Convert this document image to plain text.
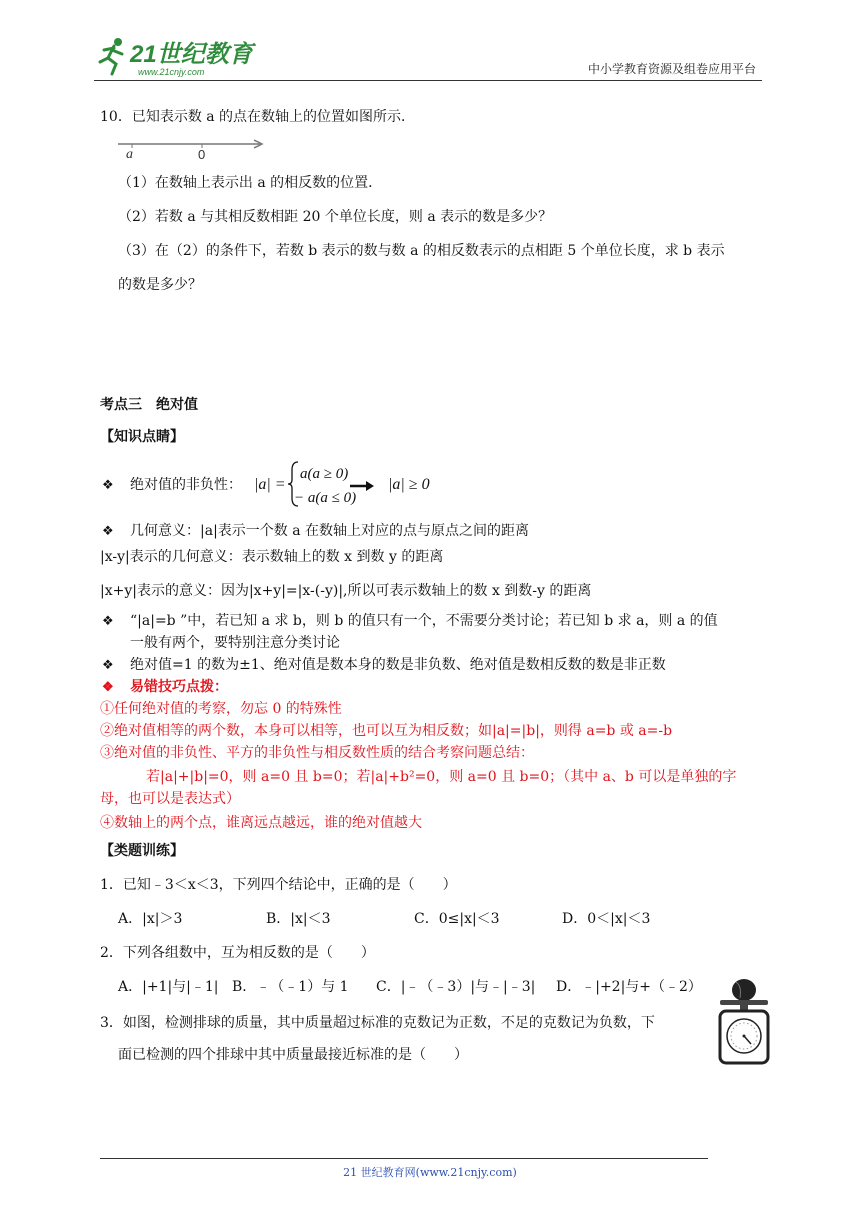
21世纪教育
www.21cnjy.com	中小学教育资源及组卷应用平台
10．已知表示数 a 的点在数轴上的位置如图所示．
a	0
（1）在数轴上表示出 a 的相反数的位置．
（2）若数 a 与其相反数相距 20 个单位长度，则 a 表示的数是多少？
（3）在（2）的条件下，若数 b 表示的数与数 a 的相反数表示的点相距 5 个单位长度，求 b 表示
的数是多少？
考点三　绝对值
【知识点睛】
❖ 绝对值的非负性： |a| =
a(a ≥ 0)
− a(a ≤ 0)
|a| ≥ 0
❖ 几何意义：|a|表示一个数 a 在数轴上对应的点与原点之间的距离
|x-y|表示的几何意义：表示数轴上的数 x 到数 y 的距离
|x+y|表示的意义：因为|x+y|=|x-(-y)|,所以可表示数轴上的数 x 到数-y 的距离
❖ “|a|=b ”中，若已知 a 求 b，则 b 的值只有一个，不需要分类讨论；若已知 b 求 a，则 a 的值
一般有两个，要特别注意分类讨论
❖ 绝对值=1 的数为±1、绝对值是数本身的数是非负数、绝对值是数相反数的数是非正数
❖ 易错技巧点拨：
①任何绝对值的考察，勿忘 0 的特殊性
②绝对值相等的两个数，本身可以相等，也可以互为相反数；如|a|=|b|，则得 a=b 或 a=-b
③绝对值的非负性、平方的非负性与相反数性质的结合考察问题总结：
若|a|+|b|=0，则 a=0 且 b=0；若|a|+b²=0，则 a=0 且 b=0；（其中 a、b 可以是单独的字
母，也可以是表达式）
④数轴上的两个点，谁离远点越远，谁的绝对值越大
【类题训练】
1．已知﹣3＜x＜3，下列四个结论中，正确的是（　　）
A．|x|＞3	B．|x|＜3	C．0≤|x|＜3	D．0＜|x|＜3
2．下列各组数中，互为相反数的是（　　）
A．|+1|与|﹣1| B．﹣（﹣1）与 1 C．|﹣（﹣3）|与﹣|﹣3| D．﹣|+2|与+（﹣2）
3．如图，检测排球的质量，其中质量超过标准的克数记为正数，不足的克数记为负数，下
面已检测的四个排球中其中质量最接近标准的是（　　）
21 世纪教育网(www.21cnjy.com)
